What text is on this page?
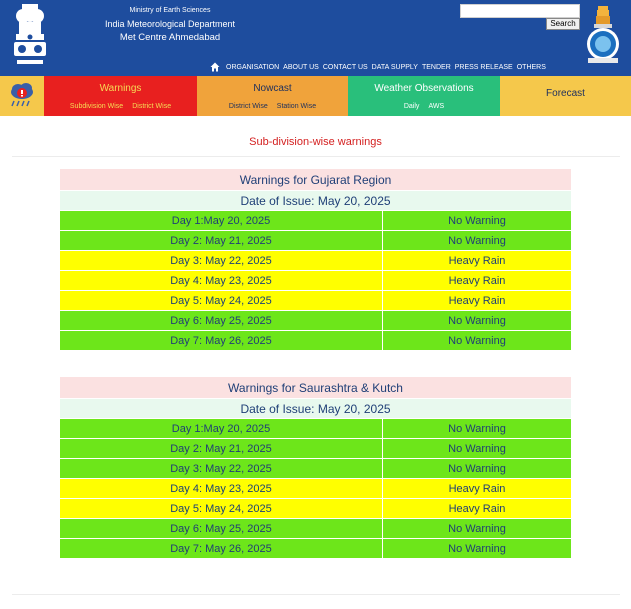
Ministry of Earth Sciences
India Meteorological Department
Met Centre Ahmedabad
Search
ORGANISATION ABOUT US CONTACT US DATA SUPPLY TENDER PRESS RELEASE OTHERS
Warnings
Subdivision Wise District Wise
Nowcast
District Wise Station Wise
Weather Observations
Daily AWS
Forecast
Sub-division-wise warnings
Warnings for Gujarat Region	
Date of Issue: May 20, 2025	
Day 1:May 20, 2025	No Warning
Day 2: May 21, 2025	No Warning
Day 3: May 22, 2025	Heavy Rain
Day 4: May 23, 2025	Heavy Rain
Day 5: May 24, 2025	Heavy Rain
Day 6: May 25, 2025	No Warning
Day 7: May 26, 2025	No Warning
Warnings for Saurashtra & Kutch	
Date of Issue: May 20, 2025	
Day 1:May 20, 2025	No Warning
Day 2: May 21, 2025	No Warning
Day 3: May 22, 2025	No Warning
Day 4: May 23, 2025	Heavy Rain
Day 5: May 24, 2025	Heavy Rain
Day 6: May 25, 2025	No Warning
Day 7: May 26, 2025	No Warning
